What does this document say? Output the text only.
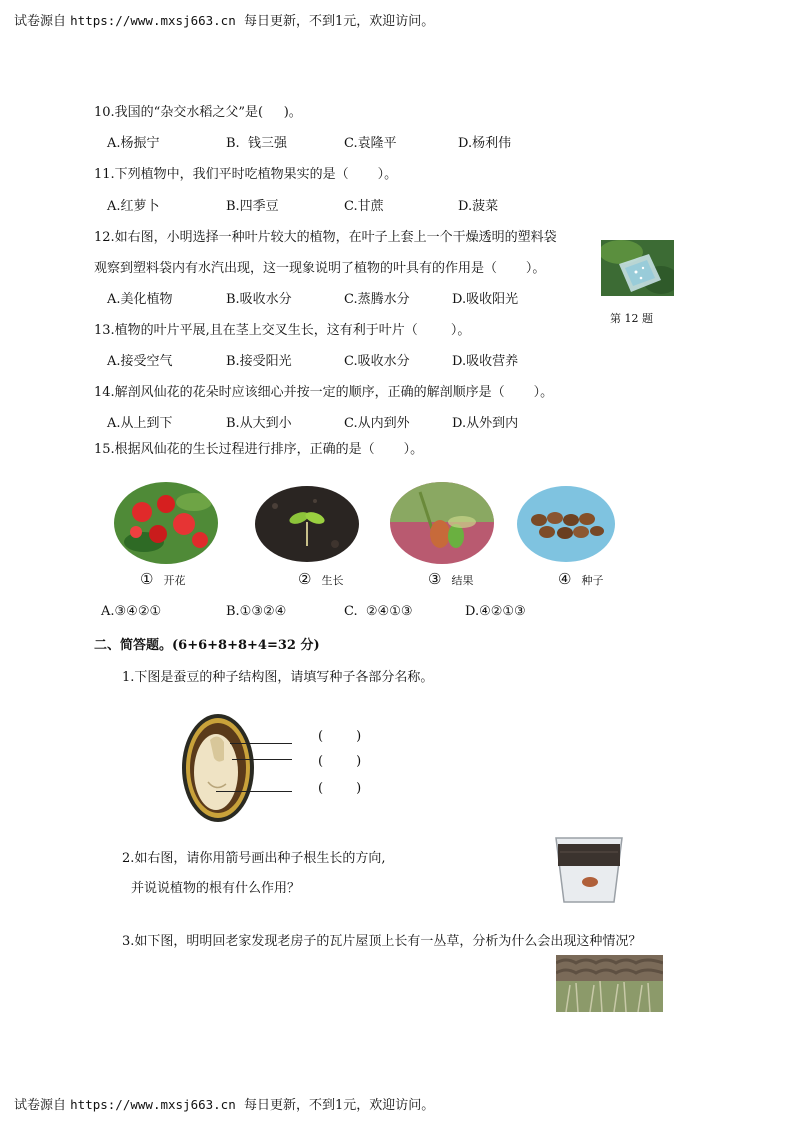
试卷源自 https://www.mxsj663.cn  每日更新，不到1元，欢迎访问。
10.我国的“杂交水稻之父”是(     )。
A.杨振宁	B.  钱三强	C.袁隆平	D.杨利伟
11.下列植物中，我们平时吃植物果实的是（       ）。
A.红萝卜	B.四季豆	C.甘蔗	D.菠菜
12.如右图，小明选择一种叶片较大的植物，在叶子上套上一个干燥透明的塑料袋
观察到塑料袋内有水汽出现，这一现象说明了植物的叶具有的作用是（       ）。
A.美化植物	B.吸收水分	C.蒸腾水分	D.吸收阳光
第 12 题
13.植物的叶片平展,且在茎上交叉生长，这有利于叶片（        ）。
A.接受空气	B.接受阳光	C.吸收水分	D.吸收营养
14.解剖风仙花的花朵时应该细心并按一定的顺序，正确的解剖顺序是（       ）。
A.从上到下	B.从大到小	C.从内到外	D.从外到内
15.根据风仙花的生长过程进行排序，正确的是（       ）。
① 开花	② 生长	③ 结果	④ 种子
A.③④②①	B.①③②④	C.  ②④①③	D.④②①③
二、简答题。(6+6+8+8+4=32 分)
1.下图是蚕豆的种子结构图，请填写种子各部分名称。
(        )
(        )
(        )
2.如右图，请你用箭号画出种子根生长的方向,
并说说植物的根有什么作用？
3.如下图，明明回老家发现老房子的瓦片屋顶上长有一丛草，分析为什么会出现这种情况？
试卷源自 https://www.mxsj663.cn  每日更新，不到1元，欢迎访问。
